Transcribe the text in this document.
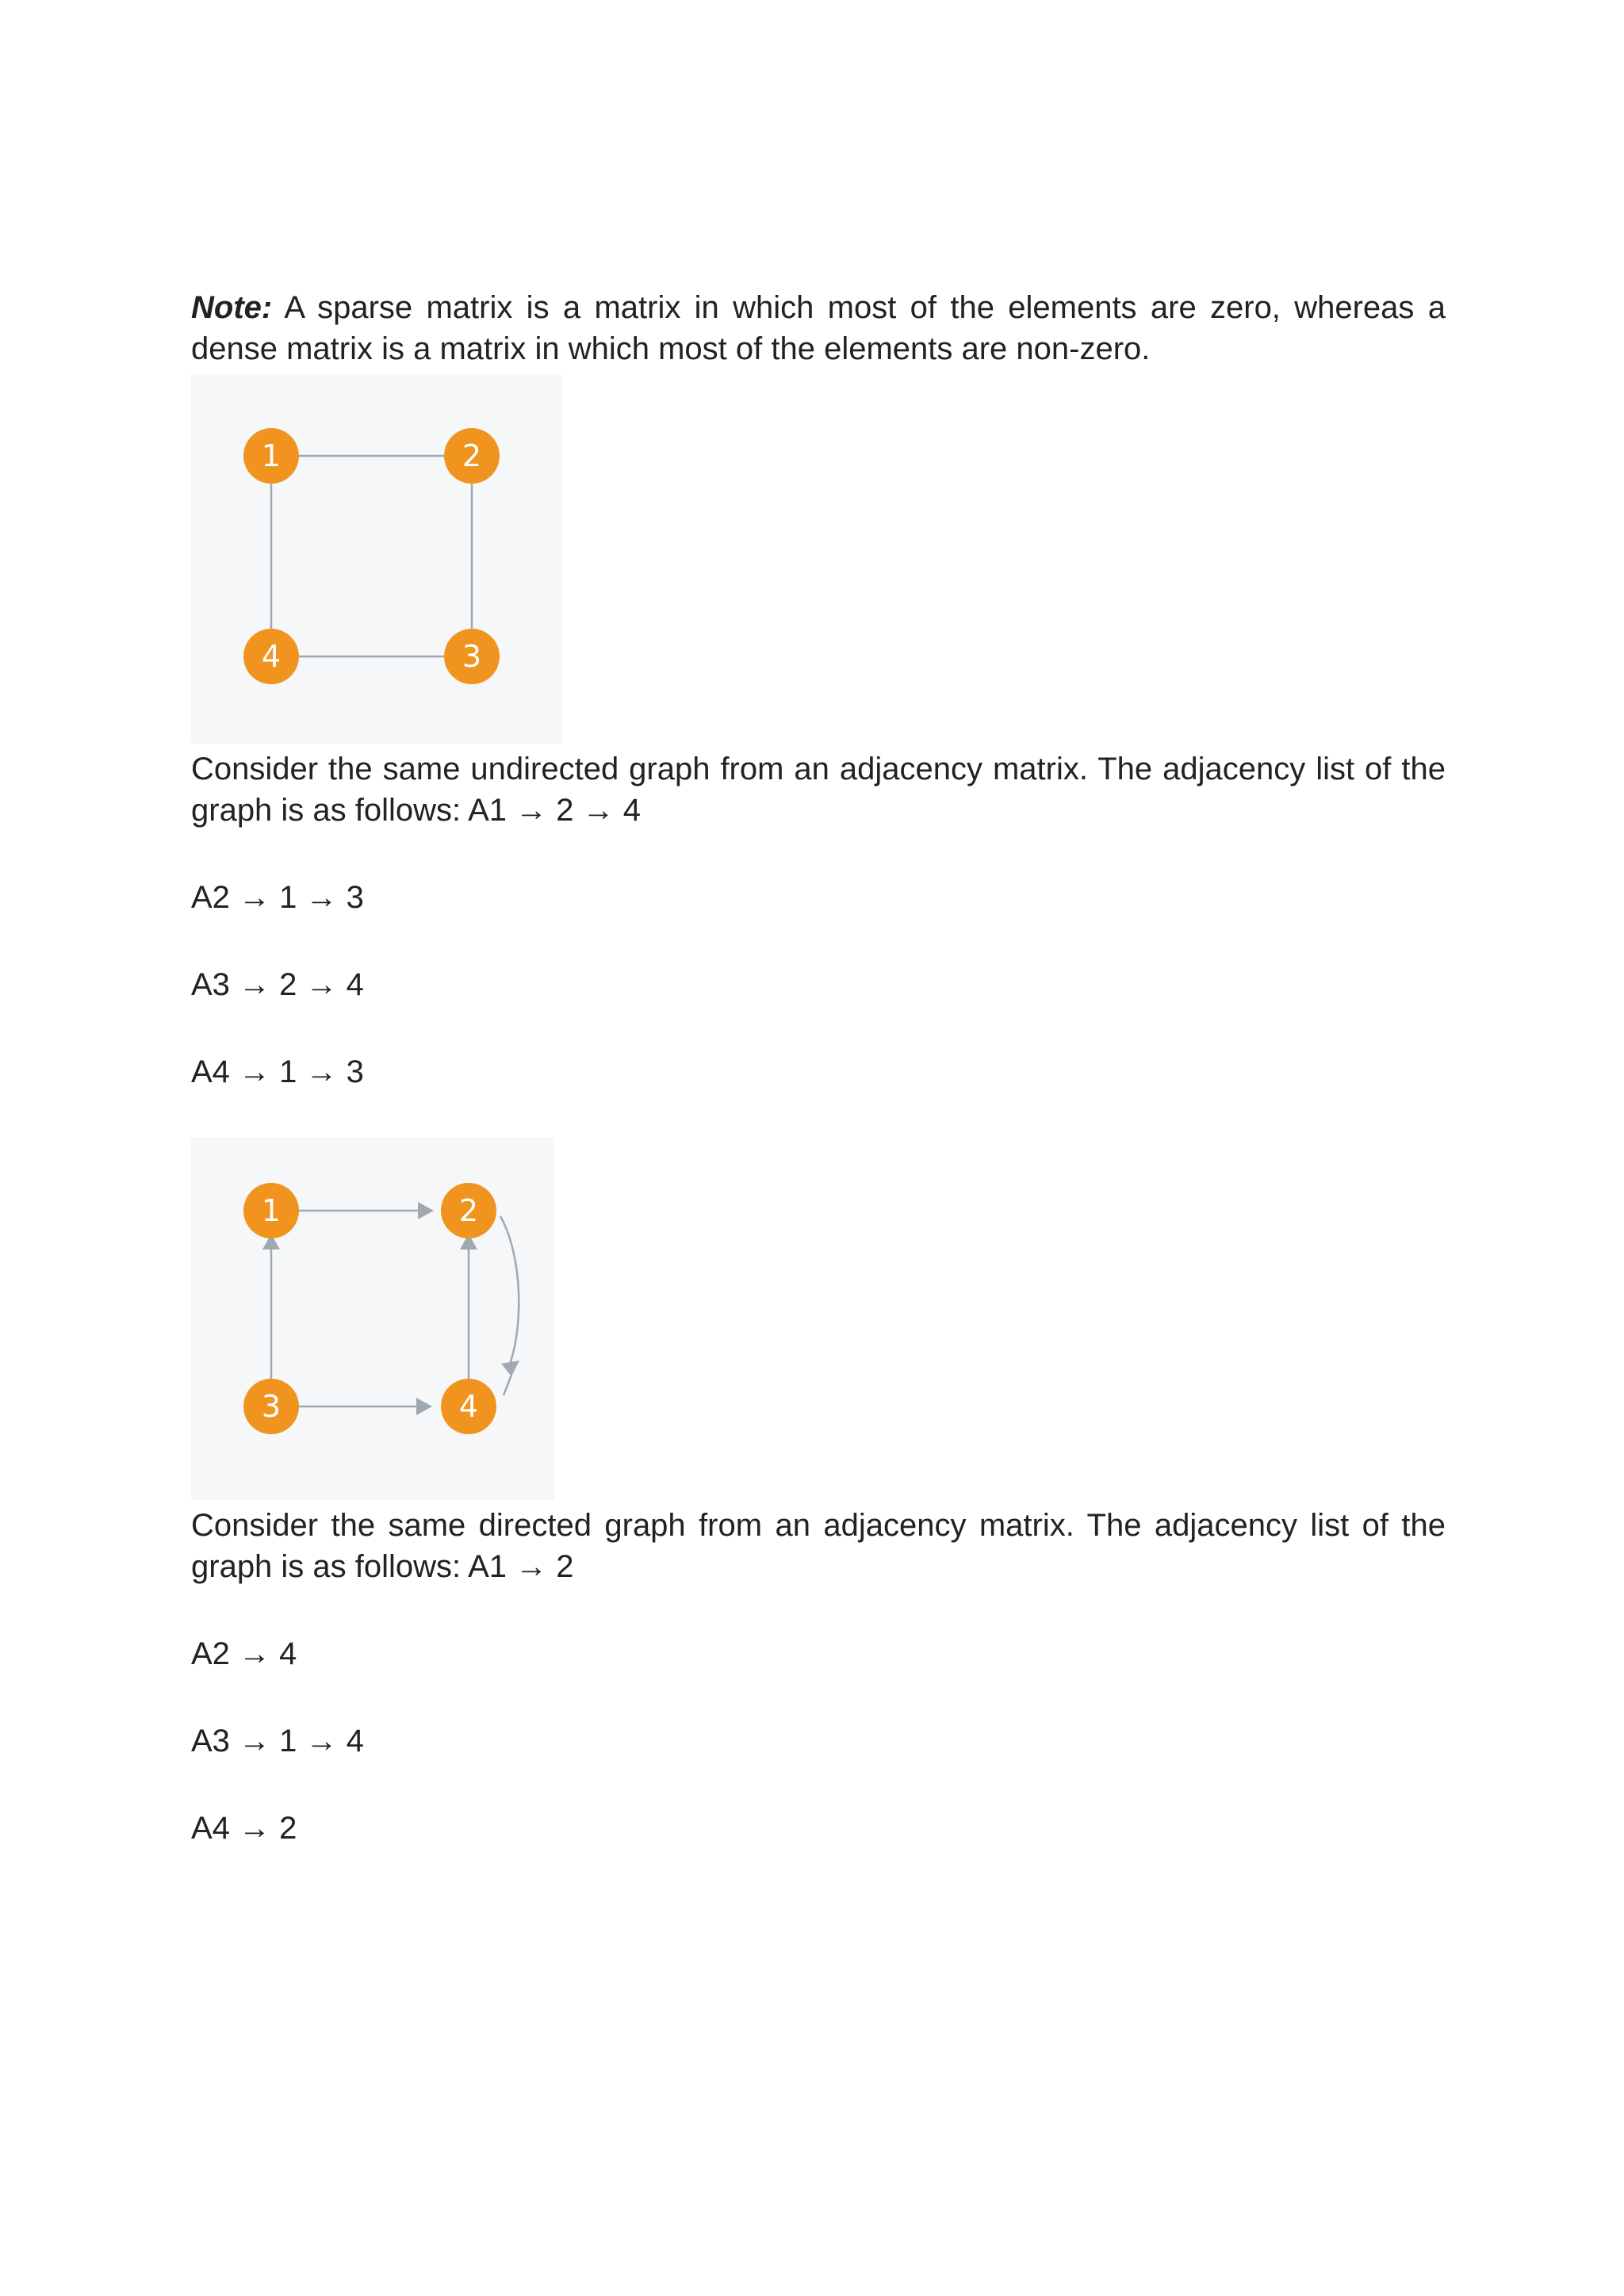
Note: A sparse matrix is a matrix in which most of the elements are zero, whereas a dense matrix is a matrix in which most of the elements are non-zero.

1	2
3
4

Consider the same undirected graph from an adjacency matrix. The adjacency list of the graph is as follows: A1 → 2 → 4

A2 → 1 → 3

A3 → 2 → 4

A4 → 1 → 3

1	2
3	4

Consider the same directed graph from an adjacency matrix. The adjacency list of the graph is as follows: A1 → 2

A2 → 4

A3 → 1 → 4

A4 → 2
